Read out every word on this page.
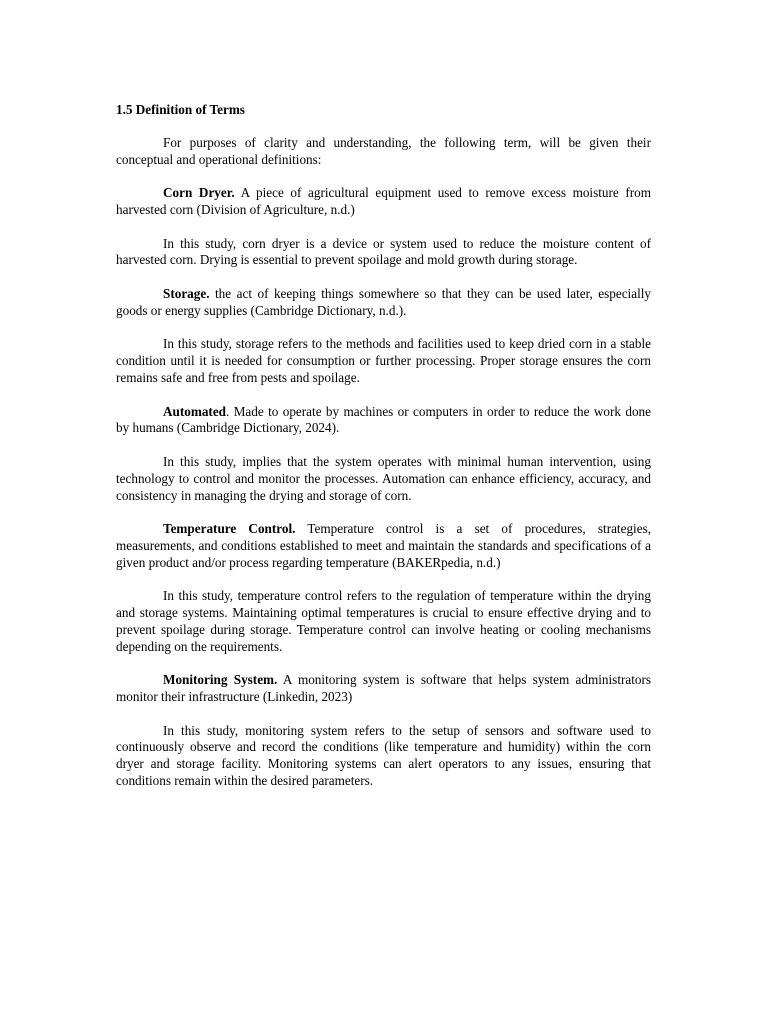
1.5 Definition of Terms

For purposes of clarity and understanding, the following term, will be given their conceptual and operational definitions:

Corn Dryer. A piece of agricultural equipment used to remove excess moisture from harvested corn (Division of Agriculture, n.d.)

In this study, corn dryer is a device or system used to reduce the moisture content of harvested corn. Drying is essential to prevent spoilage and mold growth during storage.

Storage. the act of keeping things somewhere so that they can be used later, especially goods or energy supplies (Cambridge Dictionary, n.d.).

In this study, storage refers to the methods and facilities used to keep dried corn in a stable condition until it is needed for consumption or further processing. Proper storage ensures the corn remains safe and free from pests and spoilage.

Automated. Made to operate by machines or computers in order to reduce the work done by humans (Cambridge Dictionary, 2024).

In this study, implies that the system operates with minimal human intervention, using technology to control and monitor the processes. Automation can enhance efficiency, accuracy, and consistency in managing the drying and storage of corn.

Temperature Control. Temperature control is a set of procedures, strategies, measurements, and conditions established to meet and maintain the standards and specifications of a given product and/or process regarding temperature (BAKERpedia, n.d.)

In this study, temperature control refers to the regulation of temperature within the drying and storage systems. Maintaining optimal temperatures is crucial to ensure effective drying and to prevent spoilage during storage. Temperature control can involve heating or cooling mechanisms depending on the requirements.

Monitoring System. A monitoring system is software that helps system administrators monitor their infrastructure (Linkedin, 2023)

In this study, monitoring system refers to the setup of sensors and software used to continuously observe and record the conditions (like temperature and humidity) within the corn dryer and storage facility. Monitoring systems can alert operators to any issues, ensuring that conditions remain within the desired parameters.
